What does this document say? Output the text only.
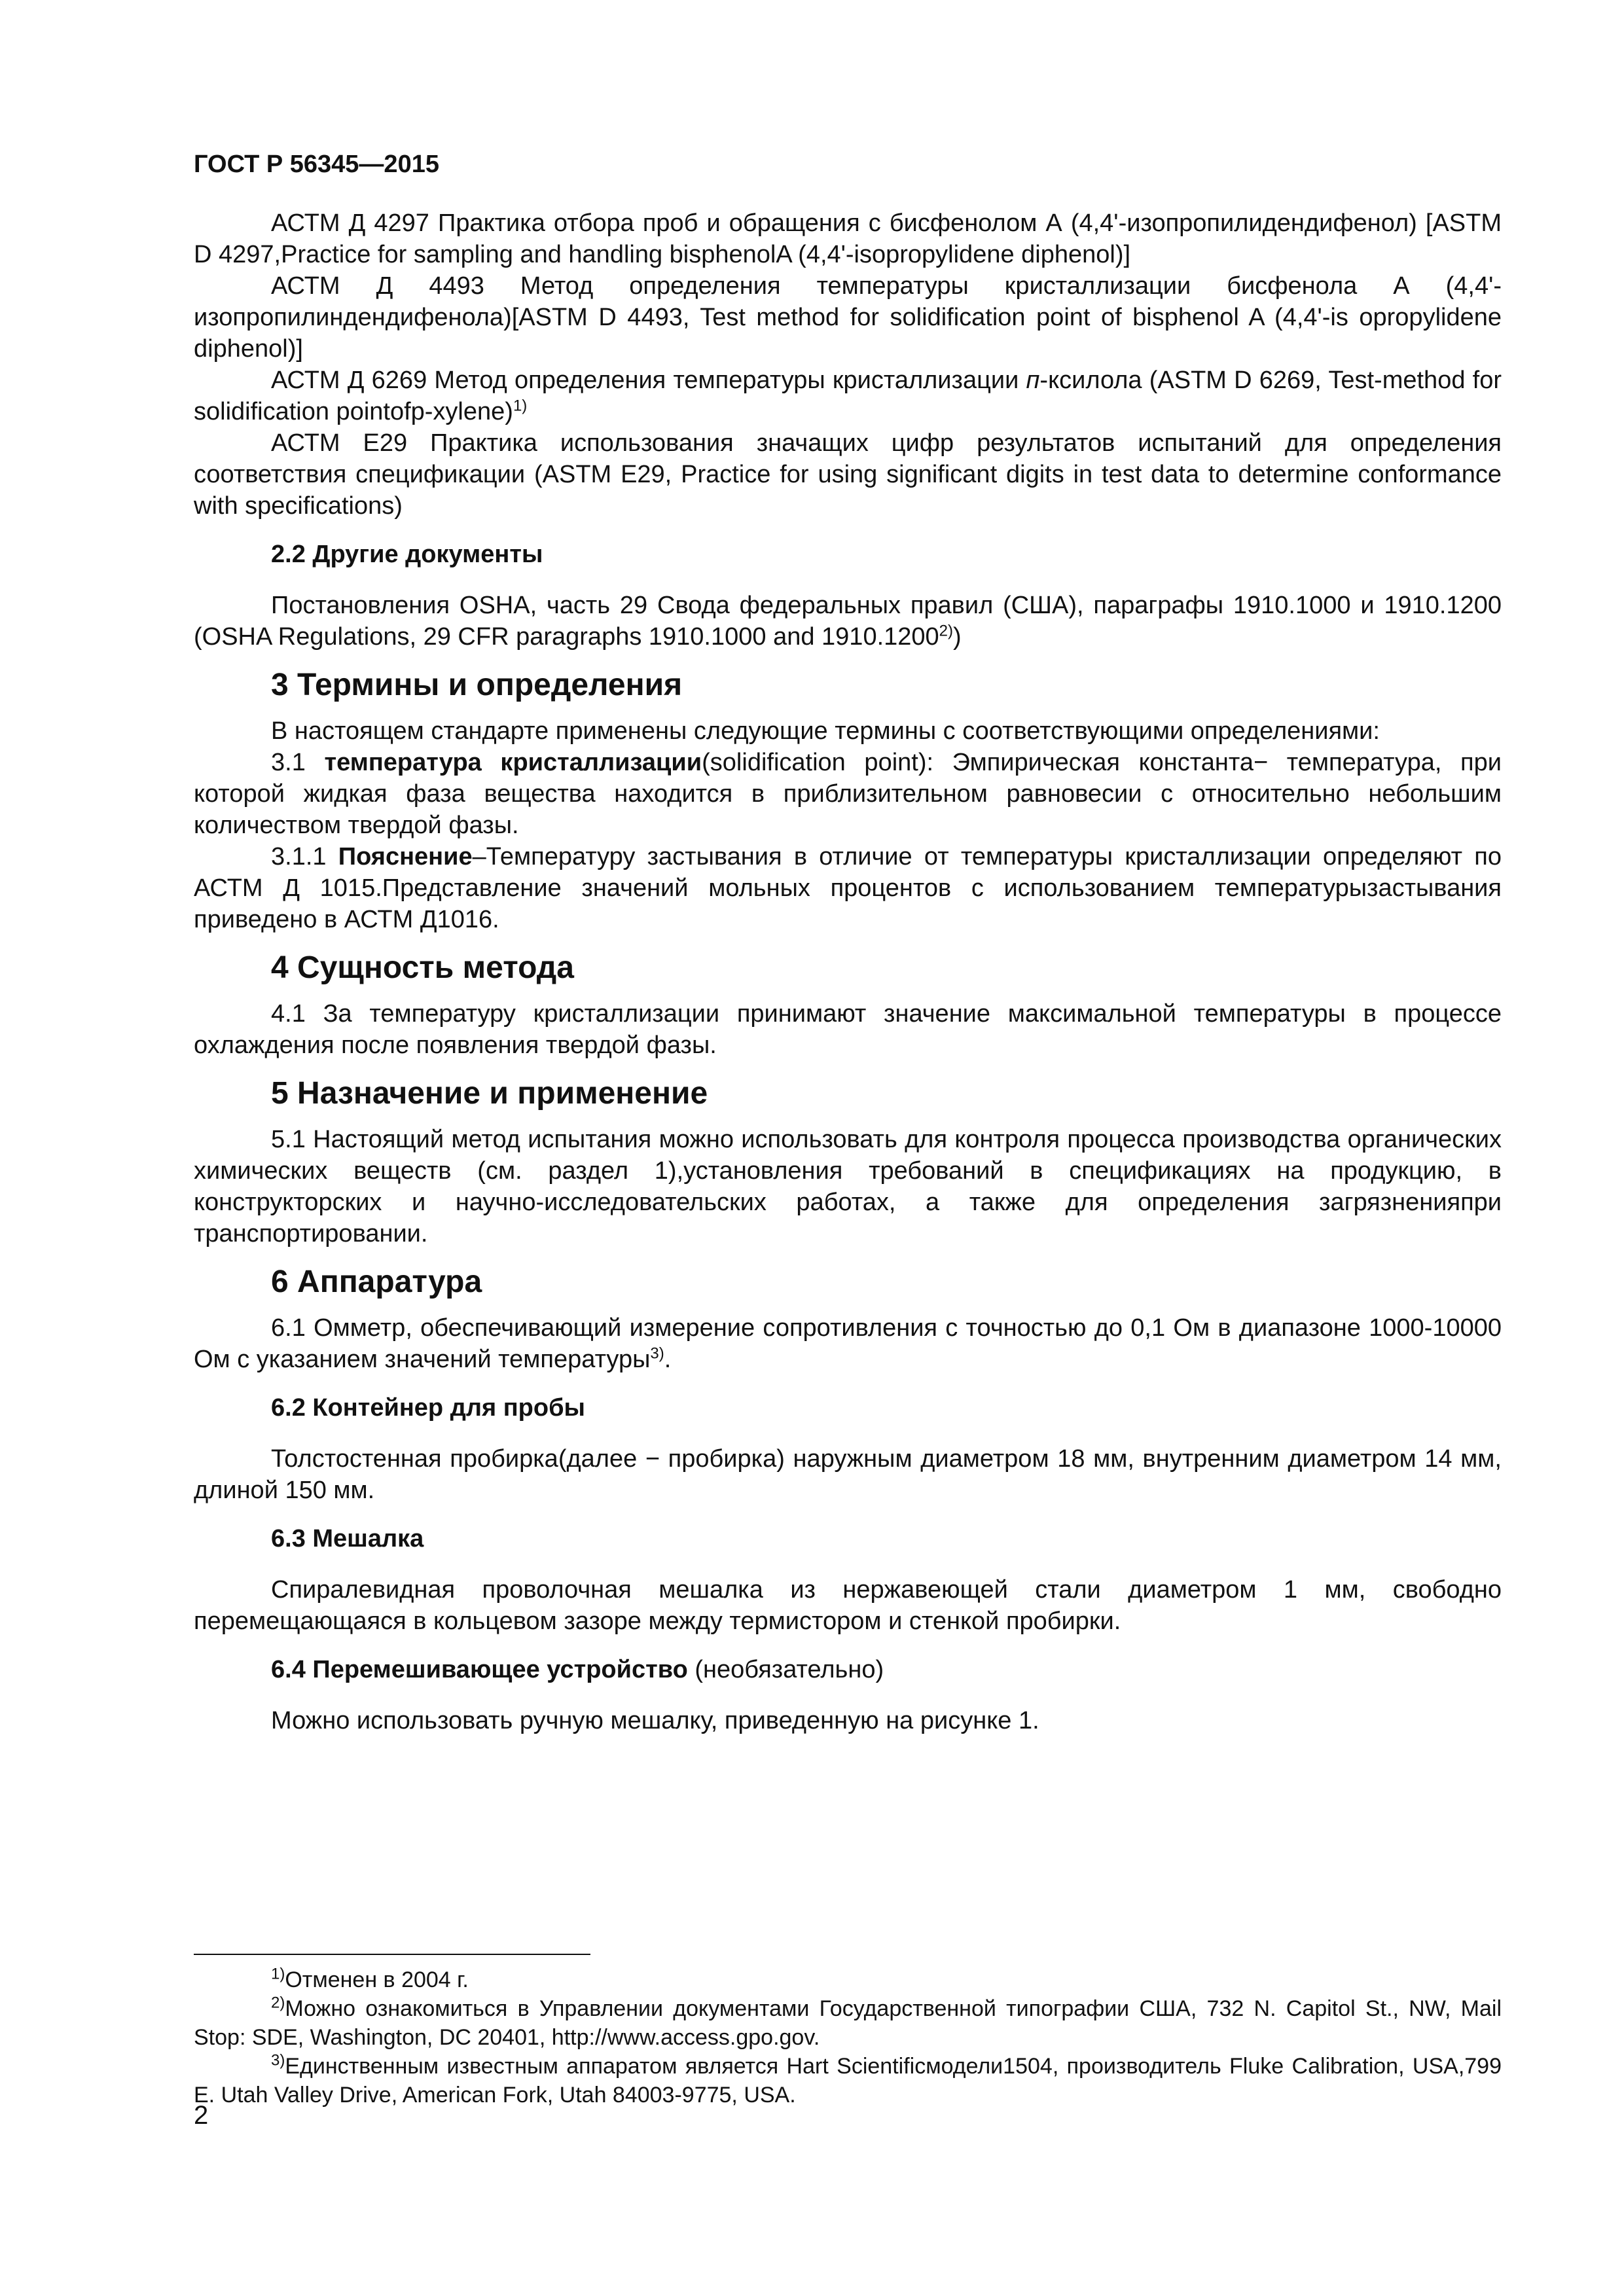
ГОСТ Р 56345—2015

АСТМ Д 4297 Практика отбора проб и обращения с бисфенолом А (4,4'-изопропилидендифенол) [ASTM D 4297,Practice for sampling and handling bisphenolA (4,4'-isopropylidene diphenol)]

АСТМ Д 4493 Метод определения температуры кристаллизации бисфенола А (4,4'-изопропилиндендифенола)[ASTM D 4493, Test method for solidification point of bisphenol A (4,4'-is opropylidene diphenol)]

АСТМ Д 6269 Метод определения температуры кристаллизации п-ксилола (ASTM D 6269, Test-method for solidification pointofp-xylene)$^{1)}$

АСТМ Е29 Практика использования значащих цифр результатов испытаний для определения соответствия спецификации (ASTM E29, Practice for using significant digits in test data to determine conformance with specifications)

2.2 Другие документы

Постановления OSHA, часть 29 Свода федеральных правил (США), параграфы 1910.1000 и 1910.1200 (OSHA Regulations, 29 CFR paragraphs 1910.1000 and 1910.1200$^{2)}$)

3 Термины и определения

В настоящем стандарте применены следующие термины с соответствующими определениями:

3.1 температура кристаллизации(solidification point): Эмпирическая константа− температура, при которой жидкая фаза вещества находится в приблизительном равновесии с относительно небольшим количеством твердой фазы.

3.1.1 Пояснение–Температуру застывания в отличие от температуры кристаллизации определяют по АСТМ Д 1015.Представление значений мольных процентов с использованием температурызастывания приведено в АСТМ Д1016.

4 Сущность метода

4.1 За температуру кристаллизации принимают значение максимальной температуры в процессе охлаждения после появления твердой фазы.

5 Назначение и применение

5.1 Настоящий метод испытания можно использовать для контроля процесса производства органических химических веществ (см. раздел 1),установления требований в спецификациях на продукцию, в конструкторских и научно-исследовательских работах, а также для определения загрязненияпри транспортировании.

6 Аппаратура

6.1 Омметр, обеспечивающий измерение сопротивления с точностью до 0,1 Ом в диапазоне 1000-10000 Ом с указанием значений температуры$^{3)}$.

6.2 Контейнер для пробы

Толстостенная пробирка(далее − пробирка) наружным диаметром 18 мм, внутренним диаметром 14 мм, длиной 150 мм.

6.3 Мешалка

Спиралевидная проволочная мешалка из нержавеющей стали диаметром 1 мм, свободно перемещающаяся в кольцевом зазоре между термистором и стенкой пробирки.

6.4 Перемешивающее устройство (необязательно)

Можно использовать ручную мешалку, приведенную на рисунке 1.

$^{1)}$Отменен в 2004 г.

$^{2)}$Можно ознакомиться в Управлении документами Государственной типографии США, 732 N. Capitol St., NW, Mail Stop: SDE, Washington, DC 20401, http://www.access.gpo.gov.

$^{3)}$Единственным известным аппаратом является Hart Scientificмодели1504, производитель Fluke Calibration, USA,799 E. Utah Valley Drive, American Fork, Utah 84003-9775, USA.

2
